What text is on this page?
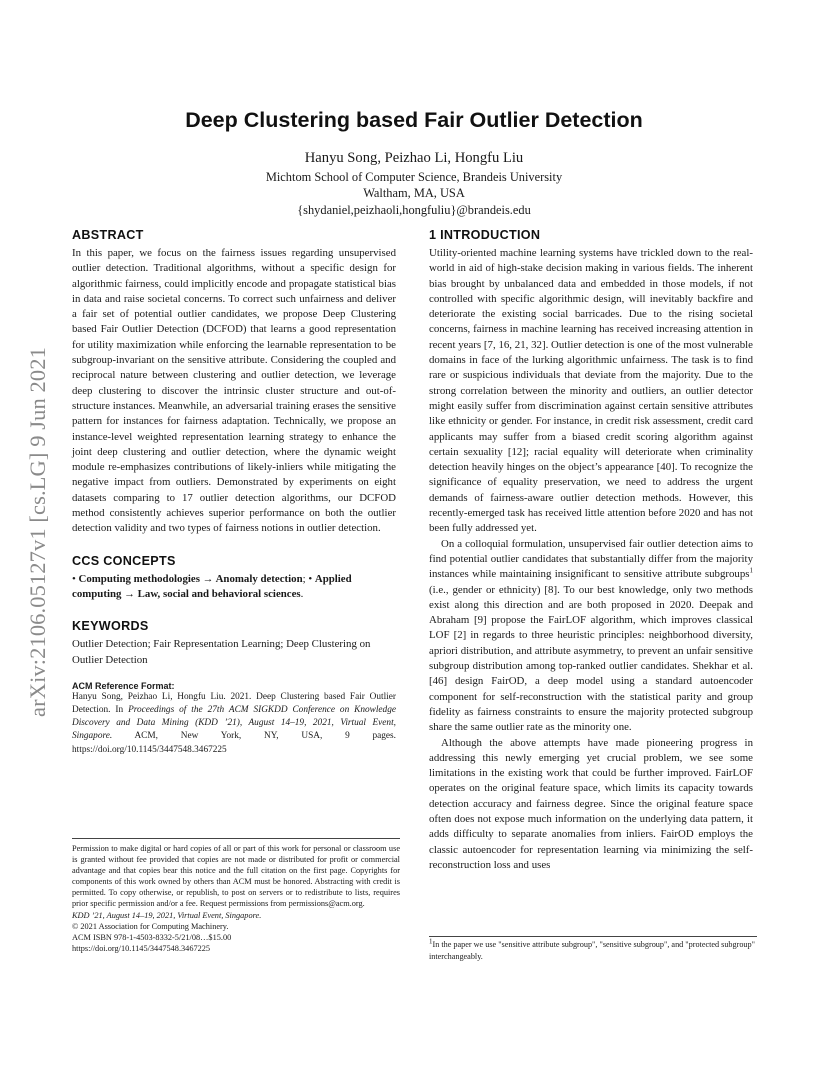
arXiv:2106.05127v1 [cs.LG] 9 Jun 2021
Deep Clustering based Fair Outlier Detection
Hanyu Song, Peizhao Li, Hongfu Liu
Michtom School of Computer Science, Brandeis University
Waltham, MA, USA
{shydaniel,peizhaoli,hongfuliu}@brandeis.edu
ABSTRACT

In this paper, we focus on the fairness issues regarding unsupervised outlier detection. Traditional algorithms, without a specific design for algorithmic fairness, could implicitly encode and propagate statistical bias in data and raise societal concerns. To correct such unfairness and deliver a fair set of potential outlier candidates, we propose Deep Clustering based Fair Outlier Detection (DCFOD) that learns a good representation for utility maximization while enforcing the learnable representation to be subgroup-invariant on the sensitive attribute. Considering the coupled and reciprocal nature between clustering and outlier detection, we leverage deep clustering to discover the intrinsic cluster structure and out-of-structure instances. Meanwhile, an adversarial training erases the sensitive pattern for instances for fairness adaptation. Technically, we propose an instance-level weighted representation learning strategy to enhance the joint deep clustering and outlier detection, where the dynamic weight module re-emphasizes contributions of likely-inliers while mitigating the negative impact from outliers. Demonstrated by experiments on eight datasets comparing to 17 outlier detection algorithms, our DCFOD method consistently achieves superior performance on both the outlier detection validity and two types of fairness notions in outlier detection.

CCS CONCEPTS

• Computing methodologies → Anomaly detection; • Applied computing → Law, social and behavioral sciences.

KEYWORDS

Outlier Detection; Fair Representation Learning; Deep Clustering on Outlier Detection

ACM Reference Format:

Hanyu Song, Peizhao Li, Hongfu Liu. 2021. Deep Clustering based Fair Outlier Detection. In Proceedings of the 27th ACM SIGKDD Conference on Knowledge Discovery and Data Mining (KDD ’21), August 14–19, 2021, Virtual Event, Singapore. ACM, New York, NY, USA, 9 pages. https://doi.org/10.1145/3447548.3467225

Permission to make digital or hard copies of all or part of this work for personal or classroom use is granted without fee provided that copies are not made or distributed for profit or commercial advantage and that copies bear this notice and the full citation on the first page. Copyrights for components of this work owned by others than ACM must be honored. Abstracting with credit is permitted. To copy otherwise, or republish, to post on servers or to redistribute to lists, requires prior specific permission and/or a fee. Request permissions from permissions@acm.org.

KDD ’21, August 14–19, 2021, Virtual Event, Singapore.

© 2021 Association for Computing Machinery.

ACM ISBN 978-1-4503-8332-5/21/08…$15.00

https://doi.org/10.1145/3447548.3467225

1 INTRODUCTION

Utility-oriented machine learning systems have trickled down to the real-world in aid of high-stake decision making in various fields. The inherent bias brought by unbalanced data and embedded in those models, if not controlled with specific algorithmic design, will inevitably backfire and deteriorate the existing social barricades. Due to the rising societal concerns, fairness in machine learning has received increasing attention in recent years [7, 16, 21, 32]. Outlier detection is one of the most vulnerable domains in face of the lurking algorithmic unfairness. The task is to find rare or suspicious individuals that deviate from the majority. Due to the strong correlation between the minority and outliers, an outlier detector might easily suffer from discrimination against certain sensitive attributes like ethnicity or gender. For instance, in credit risk assessment, credit card applicants may suffer from a biased credit scoring algorithm against certain sexuality [12]; racial equality will deteriorate when criminality detection heavily hinges on the object’s appearance [40]. To recognize the significance of equality preservation, we need to address the urgent demands of fairness-aware outlier detection methods. However, this recently-emerged task has received little attention before 2020 and has not been fully addressed yet.

On a colloquial formulation, unsupervised fair outlier detection aims to find potential outlier candidates that substantially differ from the majority instances while maintaining insignificant to sensitive attribute subgroups$^1$ (i.e., gender or ethnicity) [8]. To our best knowledge, only two methods exist along this direction and are both proposed in 2020. Deepak and Abraham [9] propose the FairLOF algorithm, which improves classical LOF [2] in regards to three heuristic principles: neighborhood diversity, apriori distribution, and attribute asymmetry, to prevent an unfair sensitive subgroup distribution among top-ranked outlier candidates. Shekhar et al. [46] design FairOD, a deep model using a standard autoencoder component for self-reconstruction with the statistical parity and group fidelity as fairness constraints to ensure the majority protected subgroup share the same outlier rate as the minority one.

Although the above attempts have made pioneering progress in addressing this newly emerging yet crucial problem, we see some limitations in the existing work that could be further improved. FairLOF operates on the original feature space, which limits its capacity towards detection accuracy and fairness degree. Since the original feature space often does not expose much information on the underlying data pattern, it adds difficulty to separate anomalies from inliers. FairOD employs the classic autoencoder for representation learning via minimizing the self-reconstruction loss and uses

$^1$In the paper we use "sensitive attribute subgroup", "sensitive subgroup", and "protected subgroup" interchangeably.
